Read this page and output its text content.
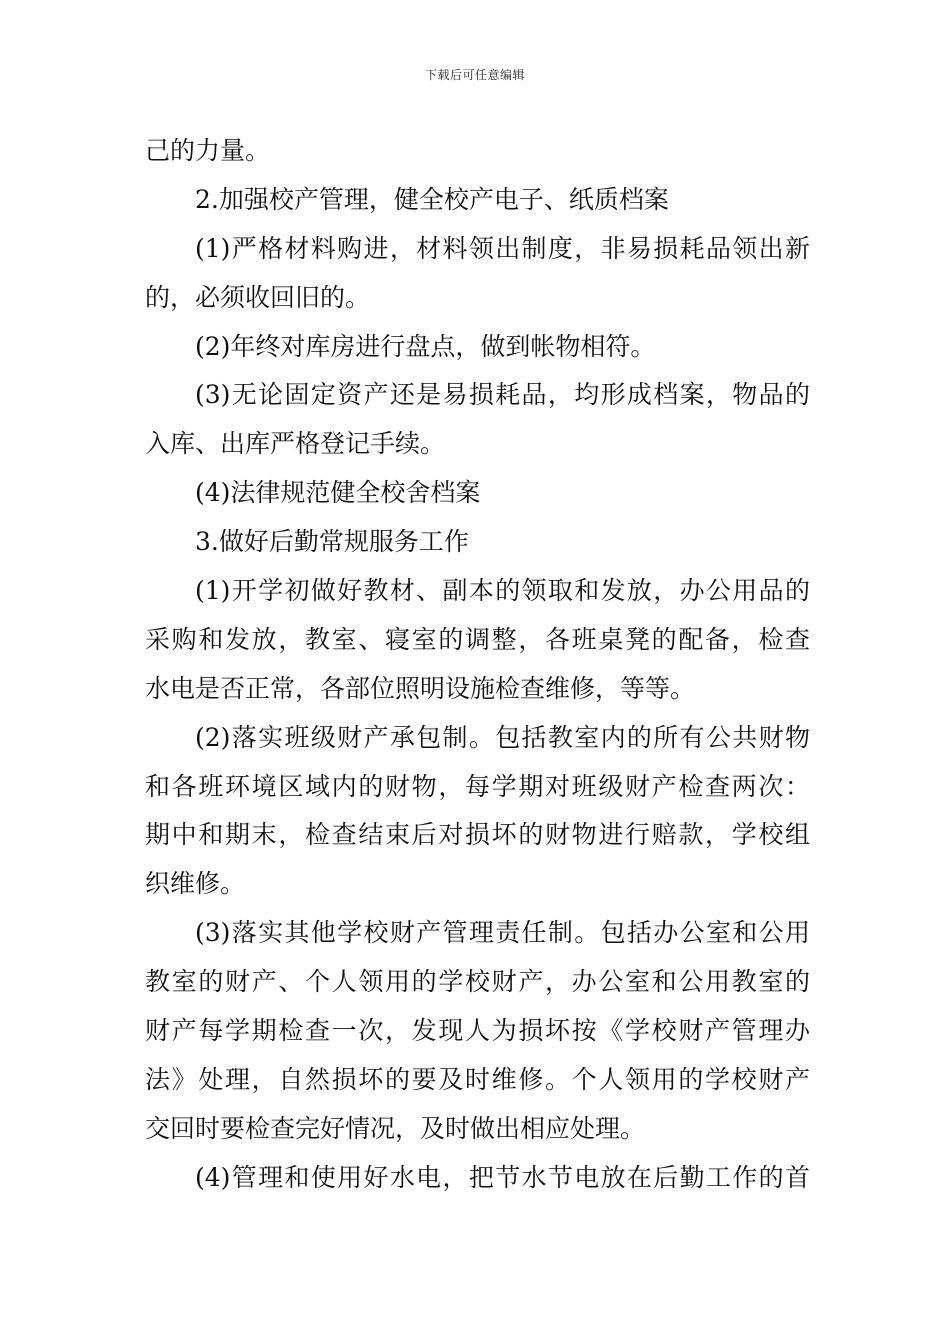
下载后可任意编辑
己的力量。
2.加强校产管理，健全校产电子、纸质档案
(1)严格材料购进，材料领出制度，非易损耗品领出新
的，必须收回旧的。
(2)年终对库房进行盘点，做到帐物相符。
(3)无论固定资产还是易损耗品，均形成档案，物品的
入库、出库严格登记手续。
(4)法律规范健全校舍档案
3.做好后勤常规服务工作
(1)开学初做好教材、副本的领取和发放，办公用品的
采购和发放，教室、寝室的调整，各班桌凳的配备，检查
水电是否正常，各部位照明设施检查维修，等等。
(2)落实班级财产承包制。包括教室内的所有公共财物
和各班环境区域内的财物，每学期对班级财产检查两次：
期中和期末，检查结束后对损坏的财物进行赔款，学校组
织维修。
(3)落实其他学校财产管理责任制。包括办公室和公用
教室的财产、个人领用的学校财产，办公室和公用教室的
财产每学期检查一次，发现人为损坏按《学校财产管理办
法》处理，自然损坏的要及时维修。个人领用的学校财产
交回时要检查完好情况，及时做出相应处理。
(4)管理和使用好水电，把节水节电放在后勤工作的首
